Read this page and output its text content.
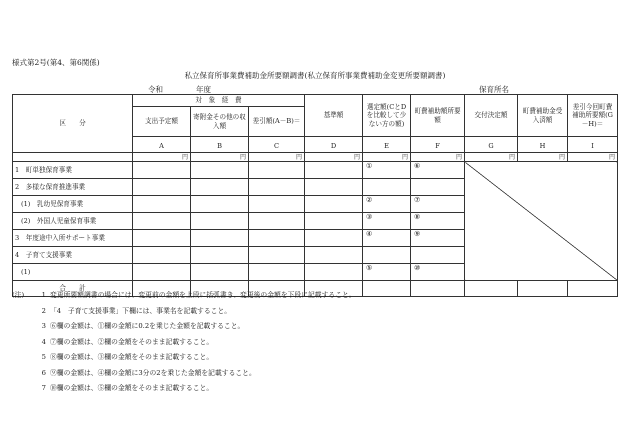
様式第2号(第4、第6関係)
私立保育所事業費補助金所要額調書(私立保育所事業費補助金変更所要額調書)
令和	年度	保育所名
区　　分	対　象　経　費			基準額	選定額(CとDを比較して少ない方の額)	町費補助額所要額	交付決定額	町費補助金受入済額	差引今回町費補助所要額(G－H)＝
	支出予定額	寄附金その他の収入額	差引額(A－B)＝						
	A	B	C	D	E	F	G	H	I
	円	円	円	円	円	円	円	円	円
1　町単独保育事業					①	⑥			
2　多様な保育推進事業									
(1)　乳幼児保育事業					②	⑦			
(2)　外国人児童保育事業					③	⑧			
3　年度途中入所サポート事業					④	⑨			
4　子育て支援事業									
(1)					⑤	⑩			
合　　計									
(注)	1 変更所要額調書の場合には、変更前の金額を上段に括弧書き、変更後の金額を下段に記載すること。
2 「4　子育て支援事業」下欄には、事業名を記載すること。
3 ⑥欄の金額は、①欄の金額に0.2を乗じた金額を記載すること。
4 ⑦欄の金額は、②欄の金額をそのまま記載すること。
5 ⑧欄の金額は、③欄の金額をそのまま記載すること。
6 ⑨欄の金額は、④欄の金額に3分の2を乗じた金額を記載すること。
7 ⑩欄の金額は、⑤欄の金額をそのまま記載すること。
